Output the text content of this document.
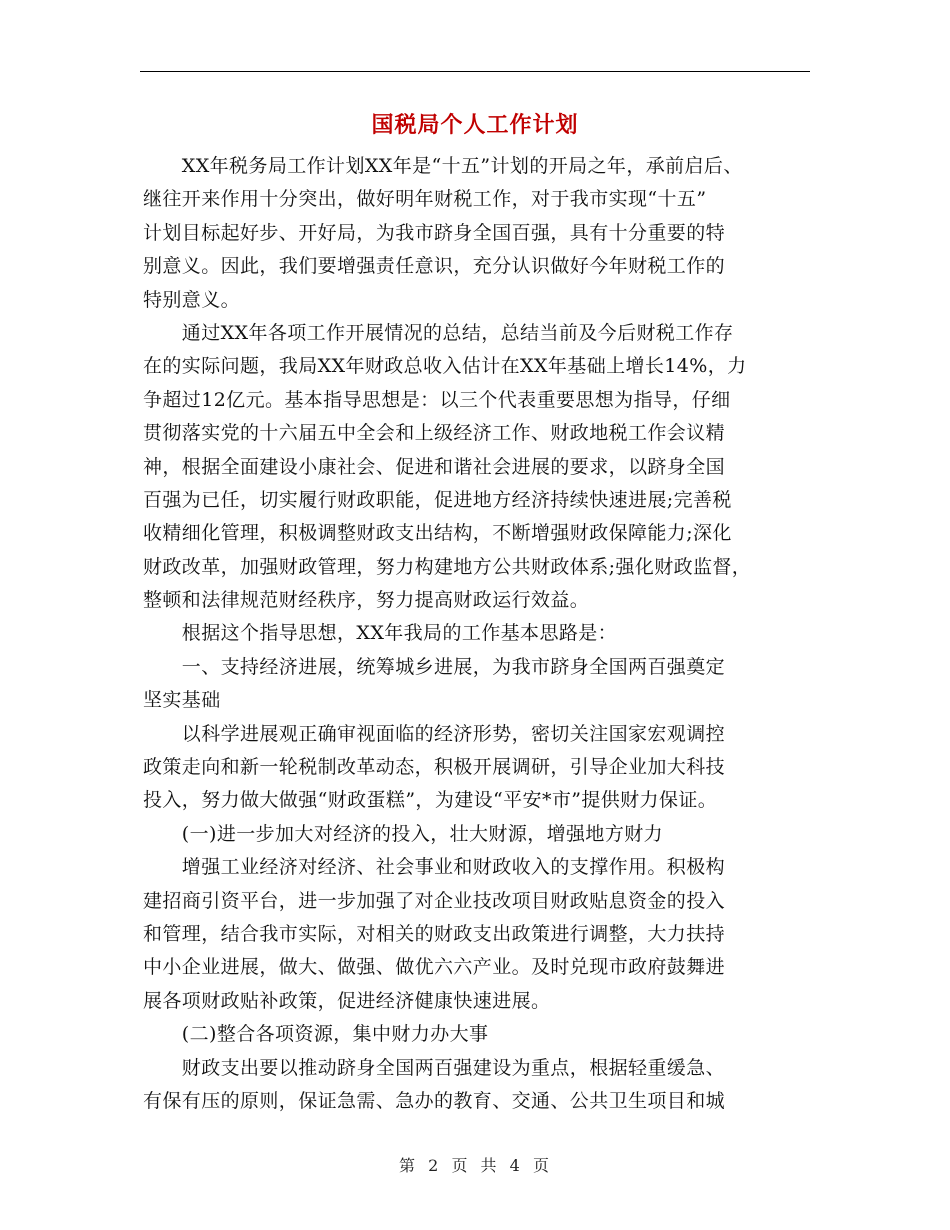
国税局个人工作计划
　　XX年税务局工作计划XX年是“十五”计划的开局之年，承前启后、
继往开来作用十分突出，做好明年财税工作，对于我市实现“十五”
计划目标起好步、开好局，为我市跻身全国百强，具有十分重要的特
别意义。因此，我们要增强责任意识，充分认识做好今年财税工作的
特别意义。
　　通过XX年各项工作开展情况的总结，总结当前及今后财税工作存
在的实际问题，我局XX年财政总收入估计在XX年基础上增长14%，力
争超过12亿元。基本指导思想是：以三个代表重要思想为指导，仔细
贯彻落实党的十六届五中全会和上级经济工作、财政地税工作会议精
神，根据全面建设小康社会、促进和谐社会进展的要求，以跻身全国
百强为已任，切实履行财政职能，促进地方经济持续快速进展;完善税
收精细化管理，积极调整财政支出结构，不断增强财政保障能力;深化
财政改革，加强财政管理，努力构建地方公共财政体系;强化财政监督，
整顿和法律规范财经秩序，努力提高财政运行效益。
　　根据这个指导思想，XX年我局的工作基本思路是：
　　一、支持经济进展，统筹城乡进展，为我市跻身全国两百强奠定
坚实基础
　　以科学进展观正确审视面临的经济形势，密切关注国家宏观调控
政策走向和新一轮税制改革动态，积极开展调研，引导企业加大科技
投入，努力做大做强“财政蛋糕”，为建设“平安*市”提供财力保证。
　　(一)进一步加大对经济的投入，壮大财源，增强地方财力
　　增强工业经济对经济、社会事业和财政收入的支撑作用。积极构
建招商引资平台，进一步加强了对企业技改项目财政贴息资金的投入
和管理，结合我市实际，对相关的财政支出政策进行调整，大力扶持
中小企业进展，做大、做强、做优六六产业。及时兑现市政府鼓舞进
展各项财政贴补政策，促进经济健康快速进展。
　　(二)整合各项资源，集中财力办大事
　　财政支出要以推动跻身全国两百强建设为重点，根据轻重缓急、
有保有压的原则，保证急需、急办的教育、交通、公共卫生项目和城
第 2 页 共 4 页
